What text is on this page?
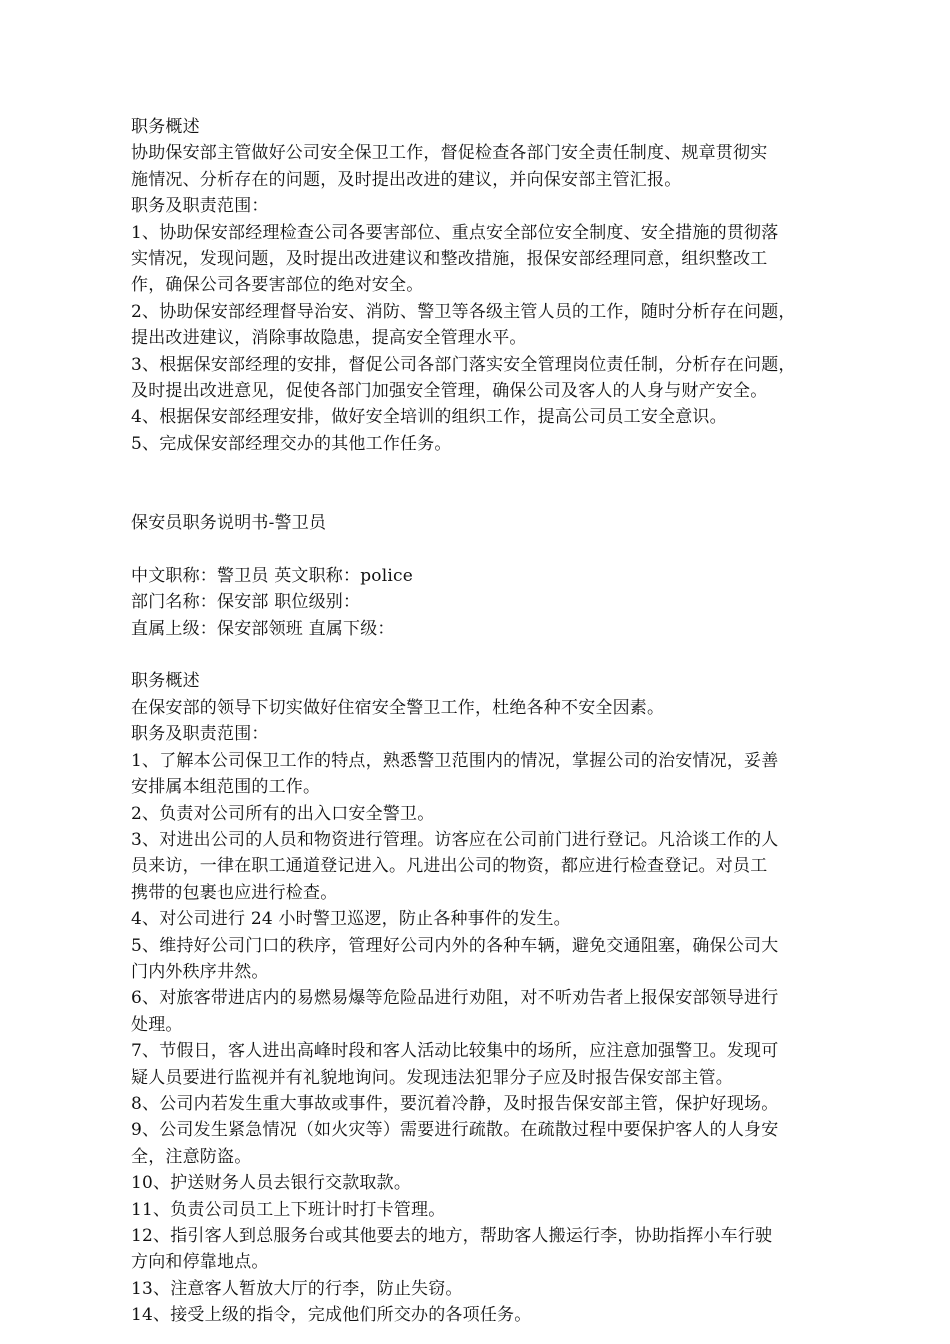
职务概述
协助保安部主管做好公司安全保卫工作，督促检查各部门安全责任制度、规章贯彻实
施情况、分析存在的问题，及时提出改进的建议，并向保安部主管汇报。
职务及职责范围：
1、协助保安部经理检查公司各要害部位、重点安全部位安全制度、安全措施的贯彻落
实情况，发现问题，及时提出改进建议和整改措施，报保安部经理同意，组织整改工
作，确保公司各要害部位的绝对安全。
2、协助保安部经理督导治安、消防、警卫等各级主管人员的工作，随时分析存在问题，
提出改进建议，消除事故隐患，提高安全管理水平。
3、根据保安部经理的安排，督促公司各部门落实安全管理岗位责任制，分析存在问题，
及时提出改进意见，促使各部门加强安全管理，确保公司及客人的人身与财产安全。
4、根据保安部经理安排，做好安全培训的组织工作，提高公司员工安全意识。
5、完成保安部经理交办的其他工作任务。
保安员职务说明书-警卫员
中文职称：警卫员 英文职称：police
部门名称：保安部 职位级别：
直属上级：保安部领班 直属下级：
职务概述
在保安部的领导下切实做好住宿安全警卫工作，杜绝各种不安全因素。
职务及职责范围：
1、了解本公司保卫工作的特点，熟悉警卫范围内的情况，掌握公司的治安情况，妥善
安排属本组范围的工作。
2、负责对公司所有的出入口安全警卫。
3、对进出公司的人员和物资进行管理。访客应在公司前门进行登记。凡洽谈工作的人
员来访，一律在职工通道登记进入。凡进出公司的物资，都应进行检查登记。对员工
携带的包裹也应进行检查。
4、对公司进行 24 小时警卫巡逻，防止各种事件的发生。
5、维持好公司门口的秩序，管理好公司内外的各种车辆，避免交通阻塞，确保公司大
门内外秩序井然。
6、对旅客带进店内的易燃易爆等危险品进行劝阻，对不听劝告者上报保安部领导进行
处理。
7、节假日，客人进出高峰时段和客人活动比较集中的场所，应注意加强警卫。发现可
疑人员要进行监视并有礼貌地询问。发现违法犯罪分子应及时报告保安部主管。
8、公司内若发生重大事故或事件，要沉着冷静，及时报告保安部主管，保护好现场。
9、公司发生紧急情况（如火灾等）需要进行疏散。在疏散过程中要保护客人的人身安
全，注意防盗。
10、护送财务人员去银行交款取款。
11、负责公司员工上下班计时打卡管理。
12、指引客人到总服务台或其他要去的地方，帮助客人搬运行李，协助指挥小车行驶
方向和停靠地点。
13、注意客人暂放大厅的行李，防止失窃。
14、接受上级的指令，完成他们所交办的各项任务。
